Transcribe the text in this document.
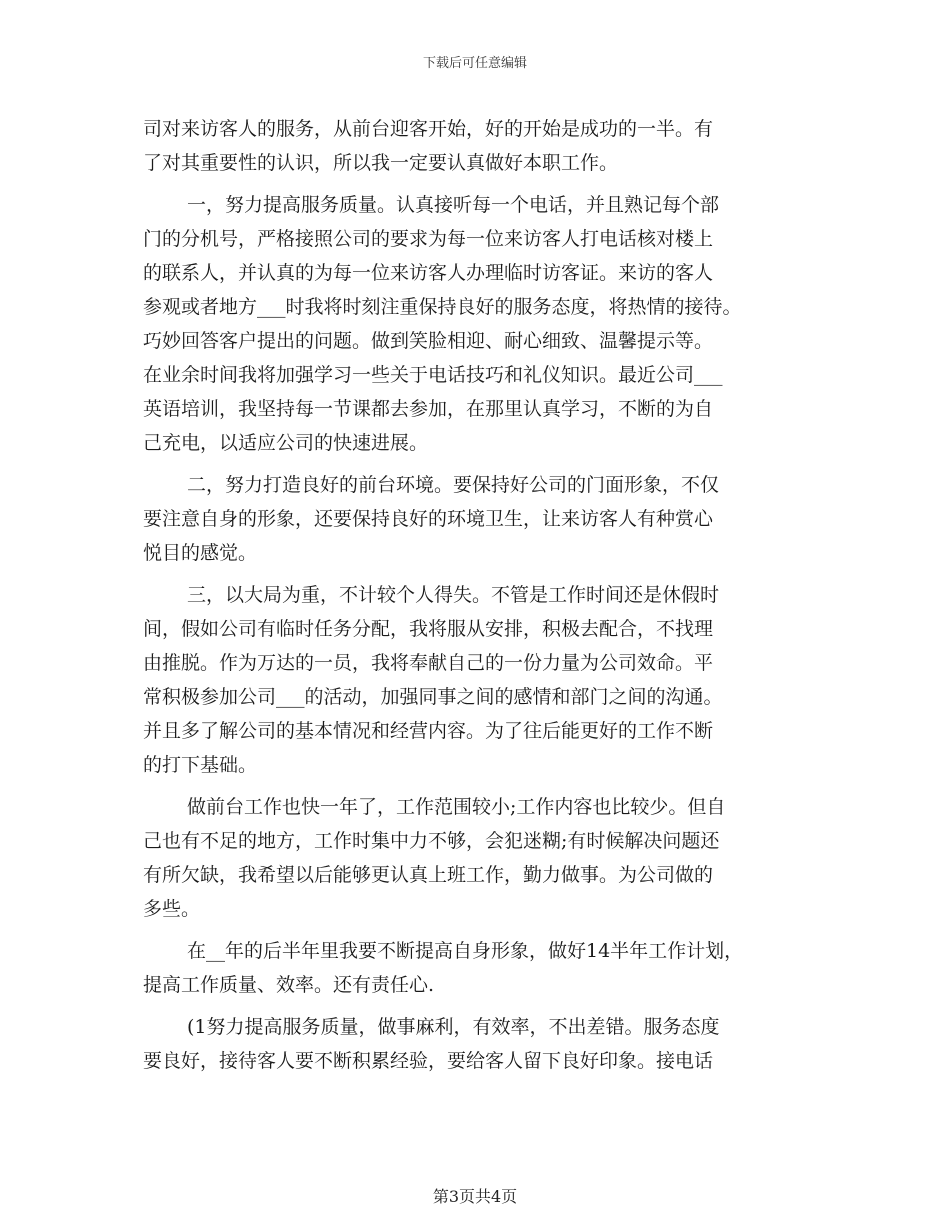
下载后可任意编辑
司对来访客人的服务，从前台迎客开始，好的开始是成功的一半。有
了对其重要性的认识，所以我一定要认真做好本职工作。
一，努力提高服务质量。认真接听每一个电话，并且熟记每个部
门的分机号，严格接照公司的要求为每一位来访客人打电话核对楼上
的联系人，并认真的为每一位来访客人办理临时访客证。来访的客人
参观或者地方___时我将时刻注重保持良好的服务态度，将热情的接待。
巧妙回答客户提出的问题。做到笑脸相迎、耐心细致、温馨提示等。
在业余时间我将加强学习一些关于电话技巧和礼仪知识。最近公司___
英语培训，我坚持每一节课都去参加，在那里认真学习，不断的为自
己充电，以适应公司的快速进展。
二，努力打造良好的前台环境。要保持好公司的门面形象，不仅
要注意自身的形象，还要保持良好的环境卫生，让来访客人有种赏心
悦目的感觉。
三，以大局为重，不计较个人得失。不管是工作时间还是休假时
间，假如公司有临时任务分配，我将服从安排，积极去配合，不找理
由推脱。作为万达的一员，我将奉献自己的一份力量为公司效命。平
常积极参加公司___的活动，加强同事之间的感情和部门之间的沟通。
并且多了解公司的基本情况和经营内容。为了往后能更好的工作不断
的打下基础。
做前台工作也快一年了，工作范围较小;工作内容也比较少。但自
己也有不足的地方，工作时集中力不够，会犯迷糊;有时候解决问题还
有所欠缺，我希望以后能够更认真上班工作，勤力做事。为公司做的
多些。
在__年的后半年里我要不断提高自身形象，做好14半年工作计划，
提高工作质量、效率。还有责任心.
(1努力提高服务质量，做事麻利，有效率，不出差错。服务态度
要良好，接待客人要不断积累经验，要给客人留下良好印象。接电话
第3页共4页
